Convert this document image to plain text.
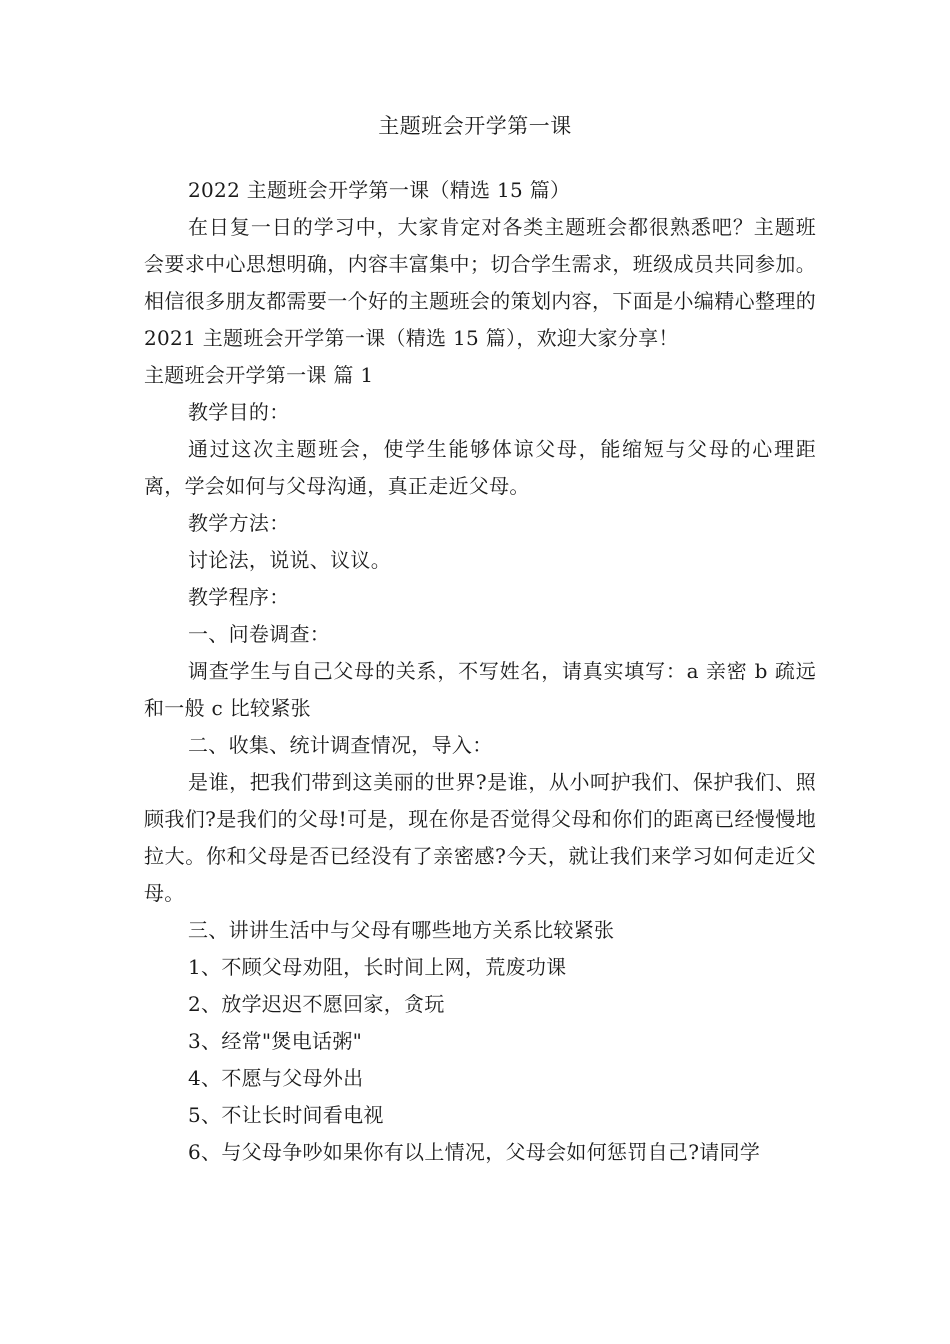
主题班会开学第一课

2022 主题班会开学第一课（精选 15 篇）

在日复一日的学习中，大家肯定对各类主题班会都很熟悉吧？主题班会要求中心思想明确，内容丰富集中；切合学生需求，班级成员共同参加。相信很多朋友都需要一个好的主题班会的策划内容，下面是小编精心整理的 2021 主题班会开学第一课（精选 15 篇），欢迎大家分享！

主题班会开学第一课 篇 1

教学目的：

通过这次主题班会，使学生能够体谅父母，能缩短与父母的心理距离，学会如何与父母沟通，真正走近父母。

教学方法：

讨论法，说说、议议。

教学程序：

一、问卷调查：

调查学生与自己父母的关系，不写姓名，请真实填写：a 亲密 b 疏远和一般 c 比较紧张

二、收集、统计调查情况，导入：

是谁，把我们带到这美丽的世界?是谁，从小呵护我们、保护我们、照顾我们?是我们的父母!可是，现在你是否觉得父母和你们的距离已经慢慢地拉大。你和父母是否已经没有了亲密感?今天，就让我们来学习如何走近父母。

三、讲讲生活中与父母有哪些地方关系比较紧张

1、不顾父母劝阻，长时间上网，荒废功课

2、放学迟迟不愿回家，贪玩

3、经常"煲电话粥"

4、不愿与父母外出

5、不让长时间看电视

6、与父母争吵如果你有以上情况，父母会如何惩罚自己?请同学
